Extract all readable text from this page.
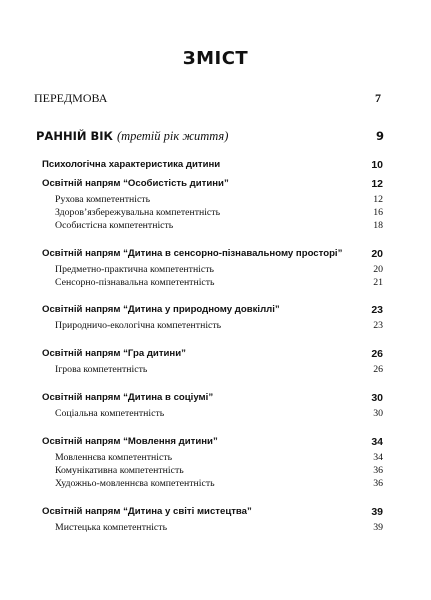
ЗМІСТ
ПЕРЕДМОВА	7
РАННІЙ ВІК (третій рік життя)	9
Психологічна характеристика дитини	10
Освітній напрям “Особистість дитини”	12
Рухова компетентність	12
Здоров’язбережувальна компетентність	16
Особистісна компетентність	18
Освітній напрям “Дитина в сенсорно-пізнавальному просторі”	20
Предметно-практична компетентність	20
Сенсорно-пізнавальна компетентність	21
Освітній напрям “Дитина у природному довкіллі”	23
Природничо-екологічна компетентність	23
Освітній напрям “Гра дитини”	26
Ігрова компетентність	26
Освітній напрям “Дитина в соціумі”	30
Соціальна компетентність	30
Освітній напрям “Мовлення дитини”	34
Мовленнєва компетентність	34
Комунікативна компетентність	36
Художньо-мовленнєва компетентність	36
Освітній напрям “Дитина у світі мистецтва”	39
Мистецька компетентність	39
